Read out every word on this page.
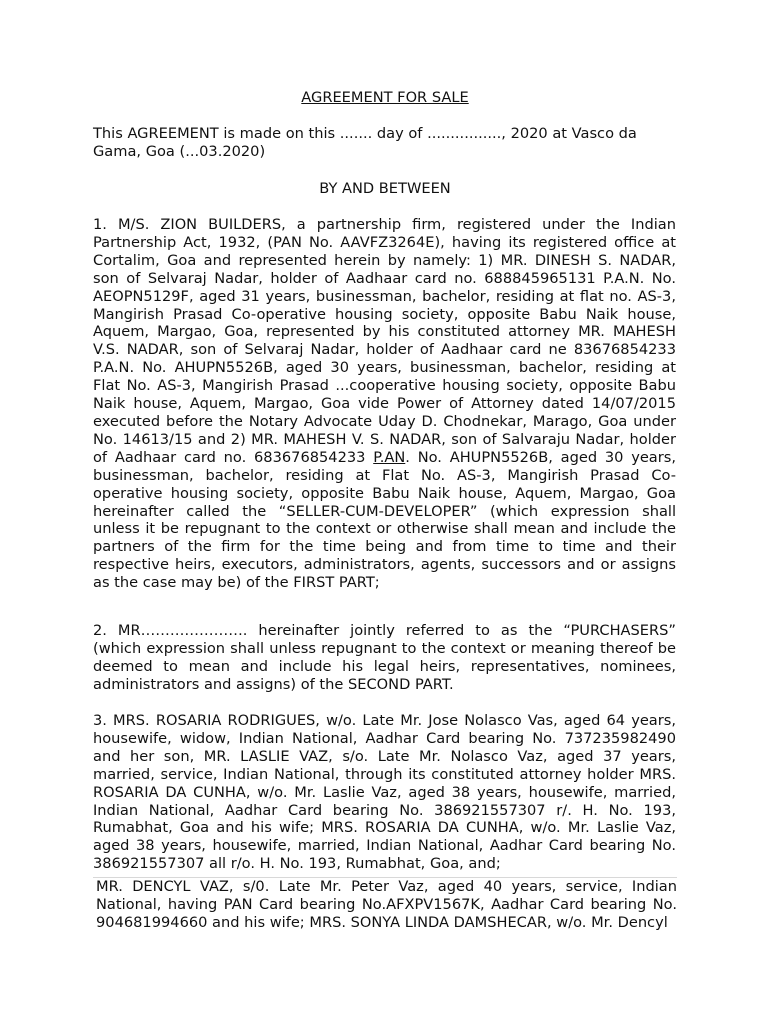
AGREEMENT FOR SALE
This AGREEMENT is made on this ....... day of ................, 2020 at Vasco da
Gama, Goa (...03.2020)
BY AND BETWEEN
1. M/S. ZION BUILDERS, a partnership firm, registered under the Indian Partnership Act, 1932, (PAN No. AAVFZ3264E), having its registered office at Cortalim, Goa and represented herein by namely: 1) MR. DINESH S. NADAR, son of Selvaraj Nadar, holder of Aadhaar card no. 688845965131 P.A.N. No. AEOPN5129F, aged 31 years, businessman, bachelor, residing at flat no. AS-3, Mangirish Prasad Co-operative housing society, opposite Babu Naik house, Aquem, Margao, Goa, represented by his constituted attorney MR. MAHESH V.S. NADAR, son of Selvaraj Nadar, holder of Aadhaar card ne 83676854233 P.A.N. No. AHUPN5526B, aged 30 years, businessman, bachelor, residing at Flat No. AS-3, Mangirish Prasad ...cooperative housing society, opposite Babu Naik house, Aquem, Margao, Goa vide Power of Attorney dated 14/07/2015 executed before the Notary Advocate Uday D. Chodnekar, Marago, Goa under No. 14613/15 and 2) MR. MAHESH V. S. NADAR, son of Salvaraju Nadar, holder of Aadhaar card no. 683676854233 P.AN. No. AHUPN5526B, aged 30 years, businessman, bachelor, residing at Flat No. AS-3, Mangirish Prasad Co-operative housing society, opposite Babu Naik house, Aquem, Margao, Goa hereinafter called the “SELLER-CUM-DEVELOPER” (which expression shall unless it be repugnant to the context or otherwise shall mean and include the partners of the firm for the time being and from time to time and their respective heirs, executors, administrators, agents, successors and or assigns as the case may be) of the FIRST PART;
2. MR…………………. hereinafter jointly referred to as the “PURCHASERS” (which expression shall unless repugnant to the context or meaning thereof be deemed to mean and include his legal heirs, representatives, nominees, administrators and assigns) of the SECOND PART.
3. MRS. ROSARIA RODRIGUES, w/o. Late Mr. Jose Nolasco Vas, aged 64 years, housewife, widow, Indian National, Aadhar Card bearing No. 737235982490 and her son, MR. LASLIE VAZ, s/o. Late Mr. Nolasco Vaz, aged 37 years, married, service, Indian National, through its constituted attorney holder MRS. ROSARIA DA CUNHA, w/o. Mr. Laslie Vaz, aged 38 years, housewife, married, Indian National, Aadhar Card bearing No. 386921557307 r/. H. No. 193, Rumabhat, Goa and his wife; MRS. ROSARIA DA CUNHA, w/o. Mr. Laslie Vaz, aged 38 years, housewife, married, Indian National, Aadhar Card bearing No. 386921557307 all r/o. H. No. 193, Rumabhat, Goa, and;
MR. DENCYL VAZ, s/0. Late Mr. Peter Vaz, aged 40 years, service, Indian National, having PAN Card bearing No.AFXPV1567K, Aadhar Card bearing No. 904681994660 and his wife; MRS. SONYA LINDA DAMSHECAR, w/o. Mr. Dencyl
